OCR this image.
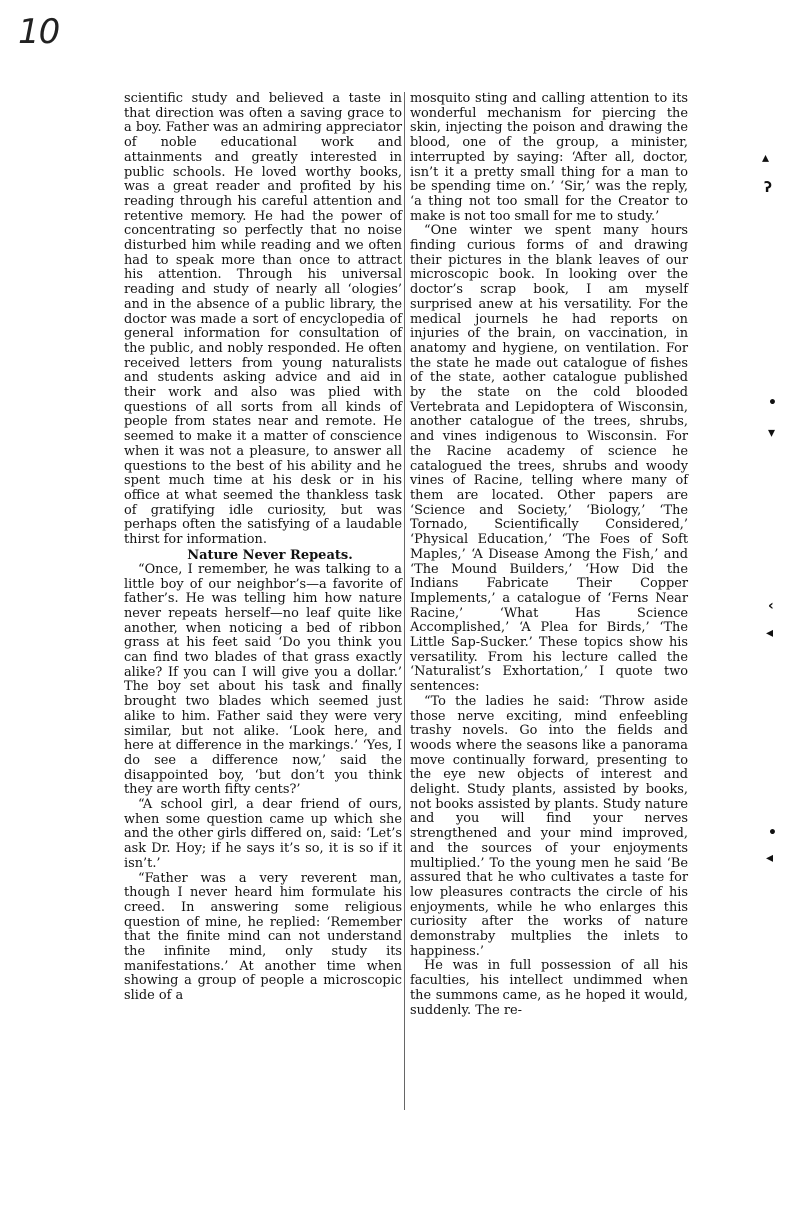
10

scientific study and believed a taste in that direction was often a saving grace to a boy. Father was an admiring appreciator of noble educational work and attainments and greatly interested in public schools. He loved worthy books, was a great reader and profited by his reading through his careful attention and retentive memory. He had the power of concentrating so perfectly that no noise disturbed him while reading and we often had to speak more than once to attract his attention. Through his universal reading and study of nearly all ‘ologies’ and in the absence of a public library, the doctor was made a sort of encyclopedia of general information for consultation of the public, and nobly responded. He often received letters from young naturalists and students asking advice and aid in their work and also was plied with questions of all sorts from all kinds of people from states near and remote. He seemed to make it a matter of conscience when it was not a pleasure, to answer all questions to the best of his ability and he spent much time at his desk or in his office at what seemed the thankless task of gratifying idle curiosity, but was perhaps often the satisfying of a laudable thirst for information.

Nature Never Repeats.

“Once, I remember, he was talking to a little boy of our neighbor’s—a favorite of father’s. He was telling him how nature never repeats herself—no leaf quite like another, when noticing a bed of ribbon grass at his feet said ‘Do you think you can find two blades of that grass exactly alike? If you can I will give you a dollar.’ The boy set about his task and finally brought two blades which seemed just alike to him. Father said they were very similar, but not alike. ‘Look here, and here at difference in the markings.’ ‘Yes, I do see a difference now,’ said the disappointed boy, ‘but don’t you think they are worth fifty cents?’

“A school girl, a dear friend of ours, when some question came up which she and the other girls differed on, said: ‘Let’s ask Dr. Hoy; if he says it’s so, it is so if it isn’t.’

“Father was a very reverent man, though I never heard him formulate his creed. In answering some religious question of mine, he replied: ‘Remember that the finite mind can not understand the infinite mind, only study its manifestations.’ At another time when showing a group of people a microscopic slide of a

mosquito sting and calling attention to its wonderful mechanism for piercing the skin, injecting the poison and drawing the blood, one of the group, a minister, interrupted by saying: ‘After all, doctor, isn’t it a pretty small thing for a man to be spending time on.’ ‘Sir,’ was the reply, ‘a thing not too small for the Creator to make is not too small for me to study.’

“One winter we spent many hours finding curious forms of and drawing their pictures in the blank leaves of our microscopic book. In looking over the doctor’s scrap book, I am myself surprised anew at his versatility. For the medical journels he had reports on injuries of the brain, on vaccination, in anatomy and hygiene, on ventilation. For the state he made out catalogue of fishes of the state, aother catalogue published by the state on the cold blooded Vertebrata and Lepidoptera of Wisconsin, another catalogue of the trees, shrubs, and vines indigenous to Wisconsin. For the Racine academy of science he catalogued the trees, shrubs and woody vines of Racine, telling where many of them are located. Other papers are ‘Science and Society,’ ‘Biology,’ ‘The Tornado, Scientifically Considered,’ ‘Physical Education,’ ‘The Foes of Soft Maples,’ ‘A Disease Among the Fish,’ and ‘The Mound Builders,’ ‘How Did the Indians Fabricate Their Copper Implements,’ a catalogue of ‘Ferns Near Racine,’ ‘What Has Science Accomplished,’ ‘A Plea for Birds,’ ‘The Little Sap-Sucker.’ These topics show his versatility. From his lecture called the ‘Naturalist’s Exhortation,’ I quote two sentences:

“To the ladies he said: ‘Throw aside those nerve exciting, mind enfeebling trashy novels. Go into the fields and woods where the seasons like a panorama move continually forward, presenting to the eye new objects of interest and delight. Study plants, assisted by books, not books assisted by plants. Study nature and you will find your nerves strengthened and your mind improved, and the sources of your enjoyments multiplied.’ To the young men he said ‘Be assured that he who cultivates a taste for low pleasures contracts the circle of his enjoyments, while he who enlarges this curiosity after the works of nature demonstraby multplies the inlets to happiness.’

He was in full possession of all his faculties, his intellect undimmed when the summons came, as he hoped it would, suddenly. The re-

▴
ʔ
•
▾
‹
◂
•
◂
